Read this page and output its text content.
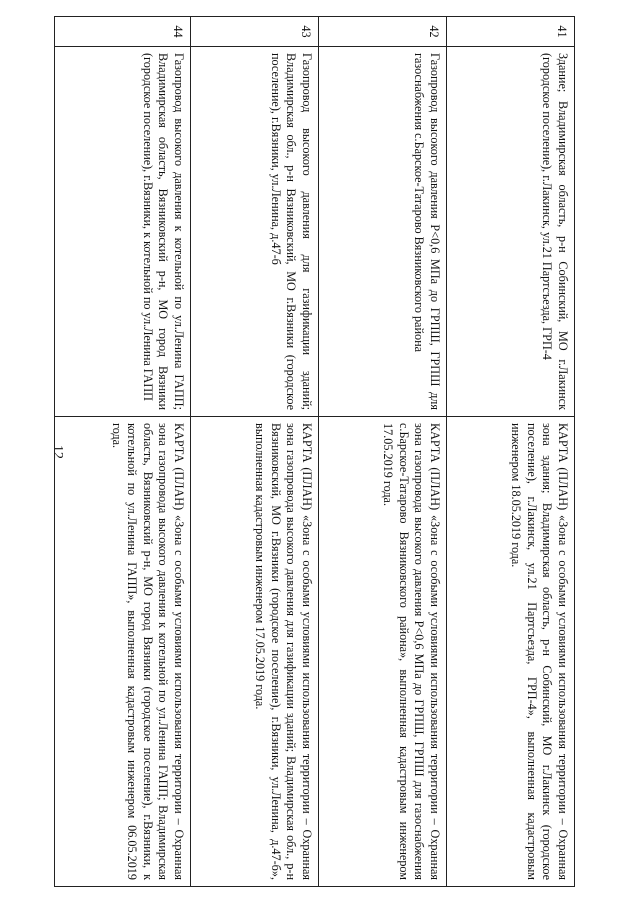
12
41	Здание; Владимирская область, р-н Собинский, МО г.Лакинск (городское поселение), г.Лакинск, ул.21 Партсъезда, ГРП-4	КАРТА (ПЛАН) «Зона с особыми условиями использования территории – Охранная зона здания; Владимирская область, р-н Собинский, МО г.Лакинск (городское поселение), г.Лакинск, ул.21 Партсъезда, ГРП-4», выполненная кадастровым инженером 18.05.2019 года.
42	Газопровод высокого давления Р<0,6 МПа до ГРПШ, ГРПШ для газоснабжения с.Барское-Татарово Вязниковского района	КАРТА (ПЛАН) «Зона с особыми условиями использования территории – Охранная зона газопровода высокого давления Р<0,6 МПа до ГРПШ, ГРПШ для газоснабжения с.Барское-Татарово Вязниковского района», выполненная кадастровым инженером 17.05.2019 года.
43	Газопровод высокого давления для газификации зданий; Владимирская обл., р-н Вязниковский, МО г.Вязники (городское поселение), г.Вязники, ул.Ленина, д.47-б	КАРТА (ПЛАН) «Зона с особыми условиями использования территории – Охранная зона газопровода высокого давления для газификации зданий; Владимирская обл., р-н Вязниковский, МО г.Вязники (городское поселение), г.Вязники, ул.Ленина, д.47-б», выполненная кадастровым инженером 17.05.2019 года.
44	Газопровод высокого давления к котельной по ул.Ленина ГАПП; Владимирская область, Вязниковский р-н, МО город Вязники (городское поселение), г.Вязники, к котельной по ул.Ленина ГАПП	КАРТА (ПЛАН) «Зона с особыми условиями использования территории – Охранная зона газопровода высокого давления к котельной по ул.Ленина ГАПП; Владимирская область, Вязниковский р-н, МО город Вязники (городское поселение), г.Вязники, к котельной по ул.Ленина ГАПП», выполненная кадастровым инженером 06.05.2019 года.
